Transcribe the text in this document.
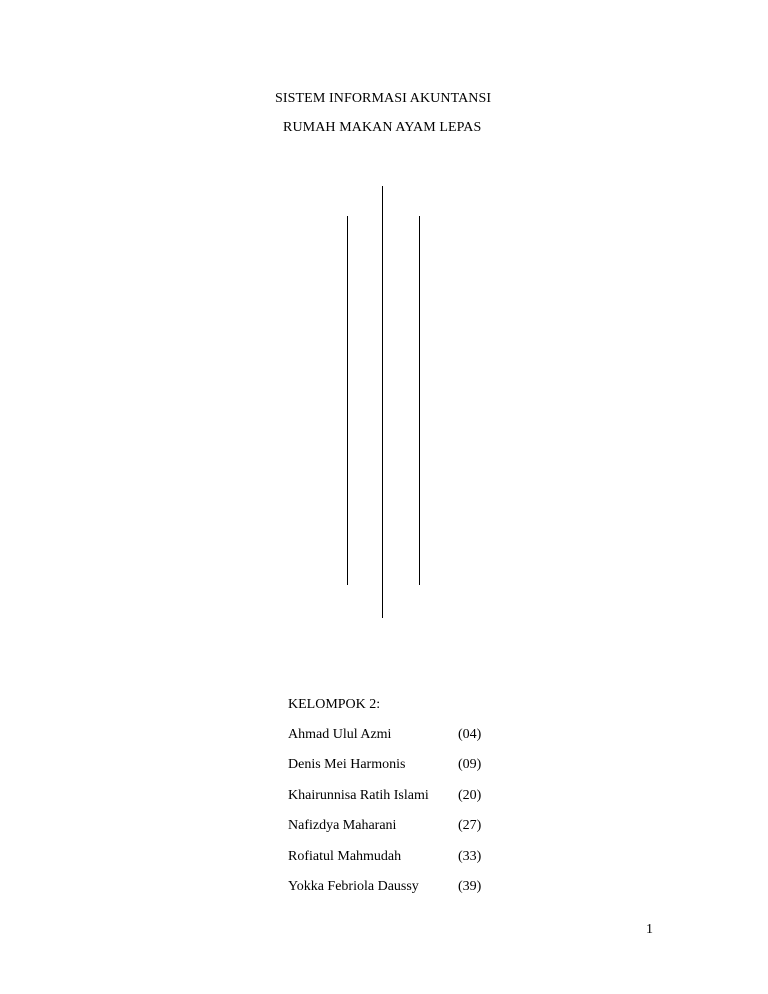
SISTEM INFORMASI AKUNTANSI
RUMAH MAKAN AYAM LEPAS
KELOMPOK 2:
Ahmad Ulul Azmi	(04)
Denis Mei Harmonis	(09)
Khairunnisa Ratih Islami	(20)
Nafizdya Maharani	(27)
Rofiatul Mahmudah	(33)
Yokka Febriola Daussy	(39)
1
